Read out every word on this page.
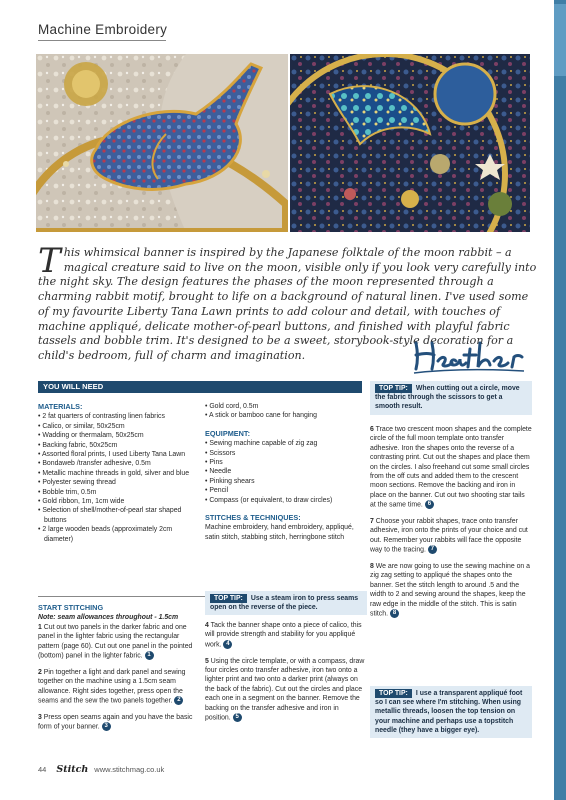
Machine Embroidery
This whimsical banner is inspired by the Japanese folktale of the moon rabbit – a magical creature said to live on the moon, visible only if you look very carefully into the night sky. The design features the phases of the moon represented through a charming rabbit motif, brought to life on a background of natural linen. I've used some of my favourite Liberty Tana Lawn prints to add colour and detail, with touches of machine appliqué, delicate mother-of-pearl buttons, and finished with playful fabric tassels and bobble trim. It's designed to be a sweet, storybook-style decoration for a child's bedroom, full of charm and imagination.
YOU WILL NEED
MATERIALS:
• 2 fat quarters of contrasting linen fabrics
• Calico, or similar, 50x25cm
• Wadding or thermalam, 50x25cm
• Backing fabric, 50x25cm
• Assorted floral prints, I used Liberty Tana Lawn
• Bondaweb /transfer adhesive, 0.5m
• Metallic machine threads in gold, silver and blue
• Polyester sewing thread
• Bobble trim, 0.5m
• Gold ribbon, 1m, 1cm wide
• Selection of shell/mother-of-pearl star shaped buttons
• 2 large wooden beads (approximately 2cm diameter)
• Gold cord, 0.5m
• A stick or bamboo cane for hanging
EQUIPMENT:
• Sewing machine capable of zig zag
• Scissors
• Pins
• Needle
• Pinking shears
• Pencil
• Compass (or equivalent, to draw circles)
STITCHES & TECHNIQUES:
Machine embroidery, hand embroidery, appliqué, satin stitch, stabbing stitch, herringbone stitch
TOP TIP: When cutting out a circle, move the fabric through the scissors to get a smooth result.
6 Trace two crescent moon shapes and the complete circle of the full moon template onto transfer adhesive. Iron the shapes onto the reverse of a contrasting print. Cut out the shapes and place them on the circles. I also freehand cut some small circles from the off cuts and added them to the crescent moon sections. Remove the backing and iron in place on the banner. Cut out two shooting star tails at the same time. 6
7 Choose your rabbit shapes, trace onto transfer adhesive, iron onto the prints of your choice and cut out. Remember your rabbits will face the opposite way to the tracing. 7
8 We are now going to use the sewing machine on a zig zag setting to appliqué the shapes onto the banner. Set the stitch length to around .5 and the width to 2 and sewing around the shapes, keep the raw edge in the middle of the stitch. This is satin stitch. 8
START STITCHING
Note: seam allowances throughout - 1.5cm
1 Cut out two panels in the darker fabric and one panel in the lighter fabric using the rectangular pattern (page 60). Cut out one panel in the pointed (bottom) panel in the lighter fabric. 1
2 Pin together a light and dark panel and sewing together on the machine using a 1.5cm seam allowance. Right sides together, press open the seams and the sew the two panels together. 2
3 Press open seams again and you have the basic form of your banner. 3
TOP TIP: Use a steam iron to press seams open on the reverse of the piece.
4 Tack the banner shape onto a piece of calico, this will provide strength and stability for you appliqué work. 4
5 Using the circle template, or with a compass, draw four circles onto transfer adhesive, iron two onto a lighter print and two onto a darker print (always on the back of the fabric). Cut out the circles and place each one in a segment on the banner. Remove the backing on the transfer adhesive and iron in position. 5
TOP TIP: I use a transparent appliqué foot so I can see where I'm stitching. When using metallic threads, loosen the top tension on your machine and perhaps use a topstitch needle (they have a bigger eye).
44 Stitch www.stitchmag.co.uk
PassionForum.ru
